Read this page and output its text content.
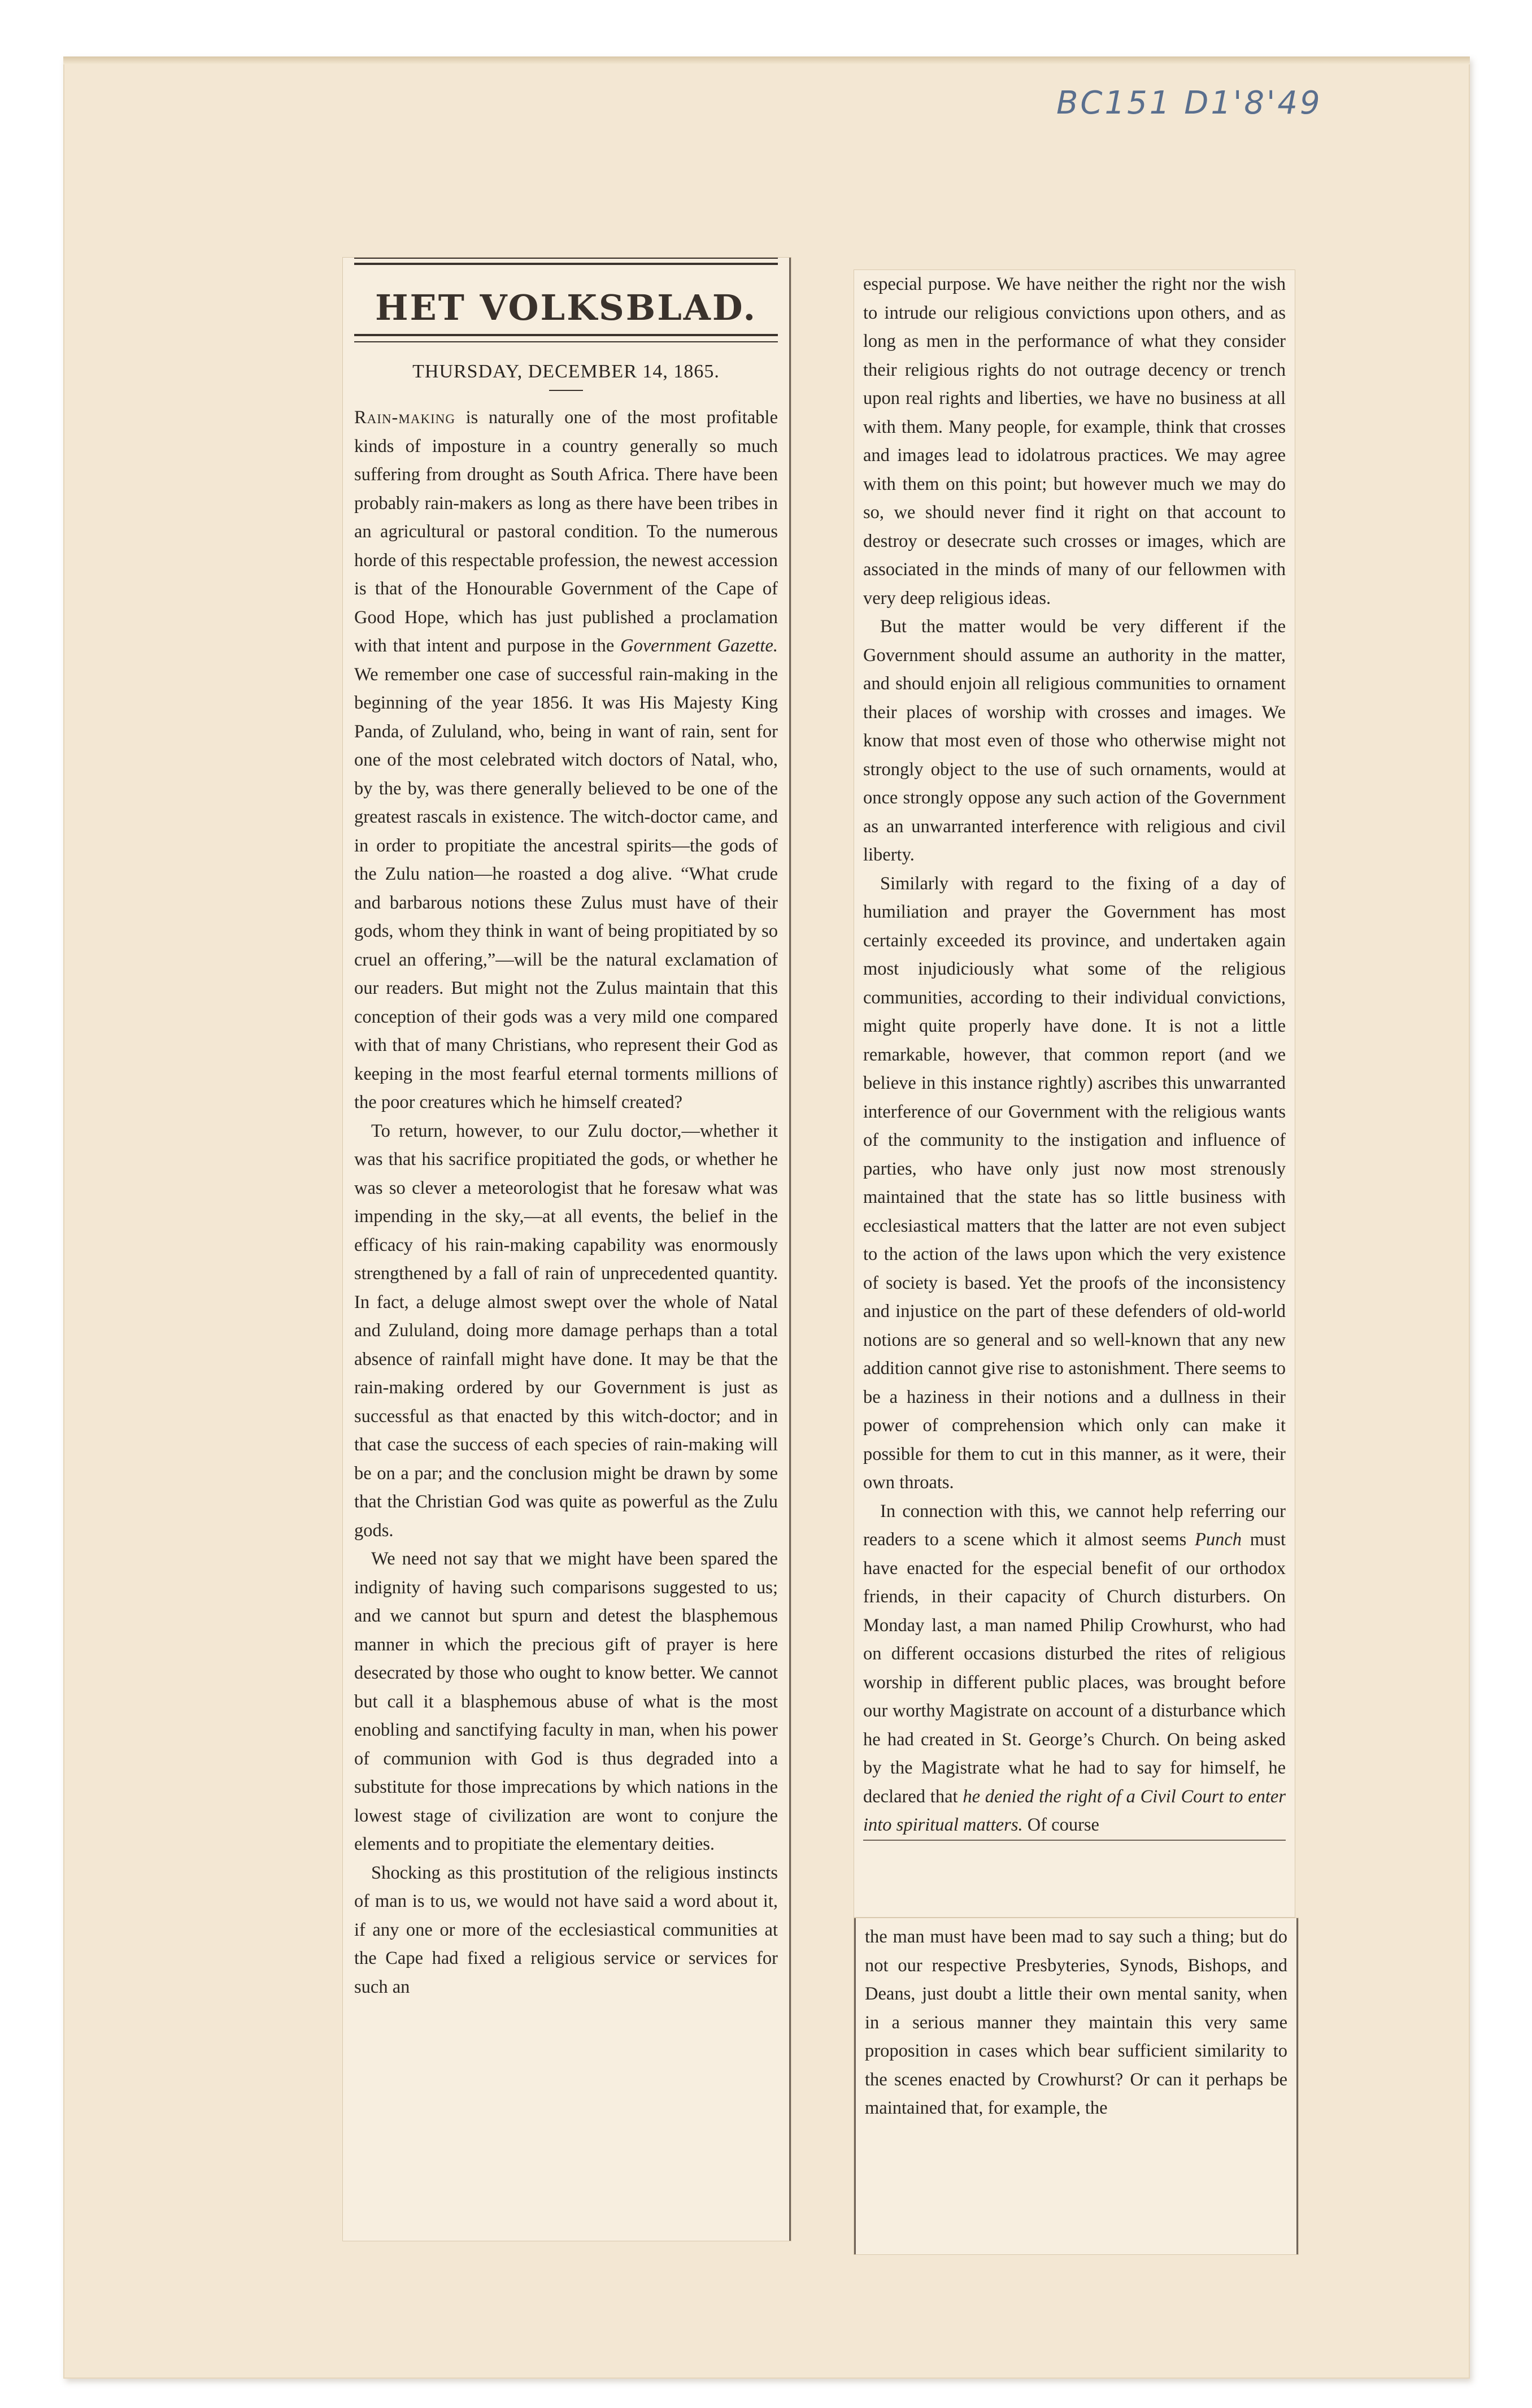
BC151 D1'8'49
HET VOLKSBLAD.
THURSDAY, DECEMBER 14, 1865.

Rain-making is naturally one of the most profitable kinds of imposture in a country generally so much suffering from drought as South Africa. There have been probably rain-makers as long as there have been tribes in an agricultural or pastoral condition. To the numerous horde of this respectable profession, the newest accession is that of the Honourable Government of the Cape of Good Hope, which has just published a proclamation with that intent and purpose in the Government Gazette. We remember one case of successful rain-making in the beginning of the year 1856. It was His Majesty King Panda, of Zululand, who, being in want of rain, sent for one of the most celebrated witch doctors of Natal, who, by the by, was there generally believed to be one of the greatest rascals in existence. The witch-doctor came, and in order to propitiate the ancestral spirits—the gods of the Zulu nation—he roasted a dog alive. “What crude and barbarous notions these Zulus must have of their gods, whom they think in want of being propitiated by so cruel an offering,”—will be the natural exclamation of our readers. But might not the Zulus maintain that this conception of their gods was a very mild one compared with that of many Christians, who represent their God as keeping in the most fearful eternal torments millions of the poor creatures which he himself created?

To return, however, to our Zulu doctor,—whether it was that his sacrifice propitiated the gods, or whether he was so clever a meteorologist that he foresaw what was impending in the sky,—at all events, the belief in the efficacy of his rain-making capability was enormously strengthened by a fall of rain of unprecedented quantity. In fact, a deluge almost swept over the whole of Natal and Zululand, doing more damage perhaps than a total absence of rainfall might have done. It may be that the rain-making ordered by our Government is just as successful as that enacted by this witch-doctor; and in that case the success of each species of rain-making will be on a par; and the conclusion might be drawn by some that the Christian God was quite as powerful as the Zulu gods.

We need not say that we might have been spared the indignity of having such comparisons suggested to us; and we cannot but spurn and detest the blasphemous manner in which the precious gift of prayer is here desecrated by those who ought to know better. We cannot but call it a blasphemous abuse of what is the most enobling and sanctifying faculty in man, when his power of communion with God is thus degraded into a substitute for those imprecations by which nations in the lowest stage of civilization are wont to conjure the elements and to propitiate the elementary deities.

Shocking as this prostitution of the religious instincts of man is to us, we would not have said a word about it, if any one or more of the ecclesiastical communities at the Cape had fixed a religious service or services for such an

especial purpose. We have neither the right nor the wish to intrude our religious convictions upon others, and as long as men in the performance of what they consider their religious rights do not outrage decency or trench upon real rights and liberties, we have no business at all with them. Many people, for example, think that crosses and images lead to idolatrous practices. We may agree with them on this point; but however much we may do so, we should never find it right on that account to destroy or desecrate such crosses or images, which are associated in the minds of many of our fellowmen with very deep religious ideas.

But the matter would be very different if the Government should assume an authority in the matter, and should enjoin all religious communities to ornament their places of worship with crosses and images. We know that most even of those who otherwise might not strongly object to the use of such ornaments, would at once strongly oppose any such action of the Government as an unwarranted interference with religious and civil liberty.

Similarly with regard to the fixing of a day of humiliation and prayer the Government has most certainly exceeded its province, and undertaken again most injudiciously what some of the religious communities, according to their individual convictions, might quite properly have done. It is not a little remarkable, however, that common report (and we believe in this instance rightly) ascribes this unwarranted interference of our Government with the religious wants of the community to the instigation and influence of parties, who have only just now most strenously maintained that the state has so little business with ecclesiastical matters that the latter are not even subject to the action of the laws upon which the very existence of society is based. Yet the proofs of the inconsistency and injustice on the part of these defenders of old-world notions are so general and so well-known that any new addition cannot give rise to astonishment. There seems to be a haziness in their notions and a dullness in their power of comprehension which only can make it possible for them to cut in this manner, as it were, their own throats.

In connection with this, we cannot help referring our readers to a scene which it almost seems Punch must have enacted for the especial benefit of our orthodox friends, in their capacity of Church disturbers. On Monday last, a man named Philip Crowhurst, who had on different occasions disturbed the rites of religious worship in different public places, was brought before our worthy Magistrate on account of a disturbance which he had created in St. George’s Church. On being asked by the Magistrate what he had to say for himself, he declared that he denied the right of a Civil Court to enter into spiritual matters. Of course

the man must have been mad to say such a thing; but do not our respective Presbyteries, Synods, Bishops, and Deans, just doubt a little their own mental sanity, when in a serious manner they maintain this very same proposition in cases which bear sufficient similarity to the scenes enacted by Crowhurst? Or can it perhaps be maintained that, for example, the
